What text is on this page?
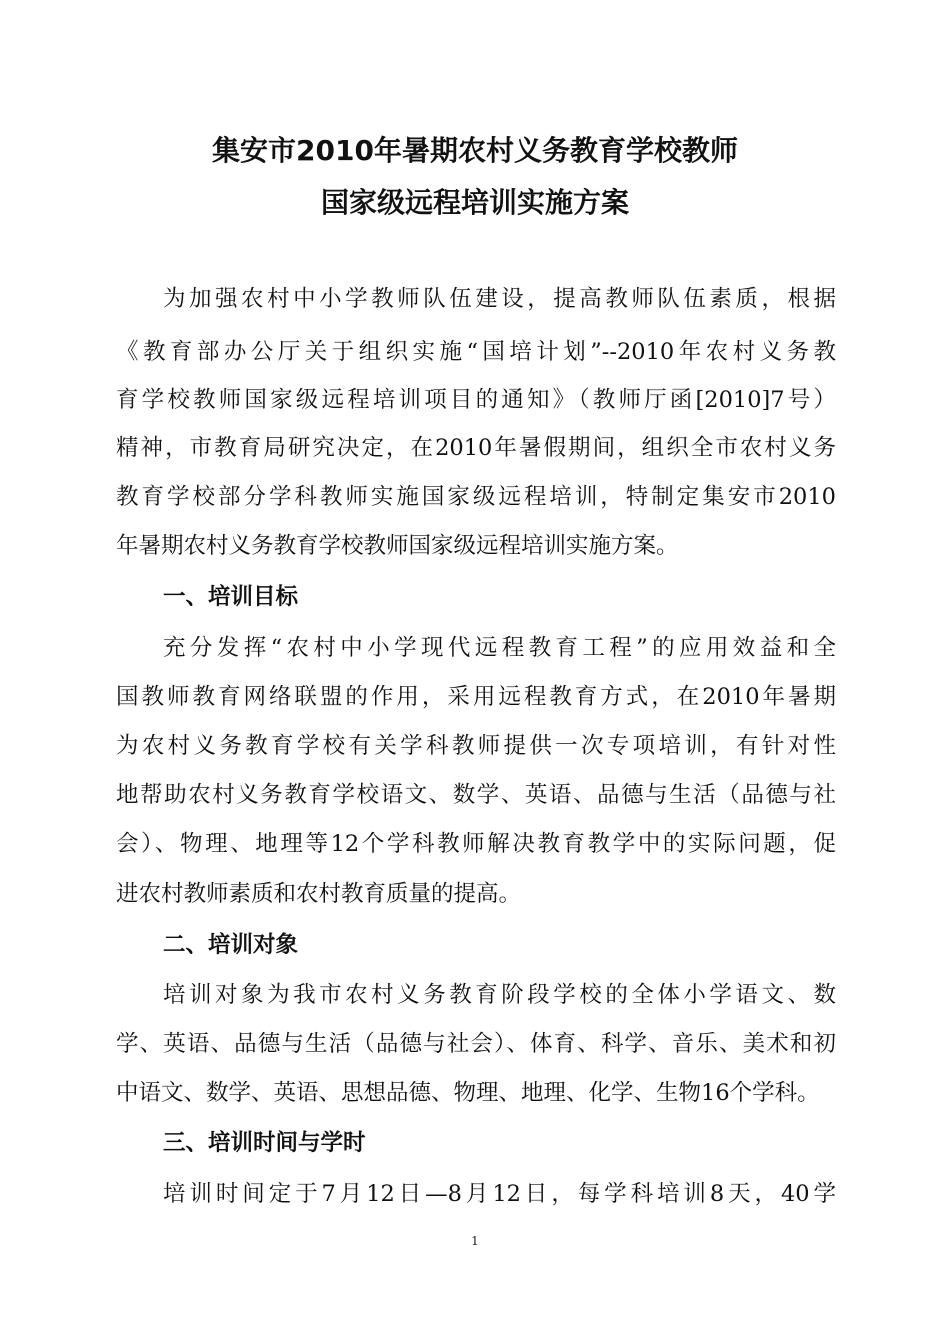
集安市2010年暑期农村义务教育学校教师
国家级远程培训实施方案
为加强农村中小学教师队伍建设，提高教师队伍素质，根据
《教育部办公厅关于组织实施“国培计划”--2010年农村义务教
育学校教师国家级远程培训项目的通知》（教师厅函[2010]7号）
精神，市教育局研究决定，在2010年暑假期间，组织全市农村义务
教育学校部分学科教师实施国家级远程培训，特制定集安市2010
年暑期农村义务教育学校教师国家级远程培训实施方案。
一、培训目标
充分发挥“农村中小学现代远程教育工程”的应用效益和全
国教师教育网络联盟的作用，采用远程教育方式，在2010年暑期
为农村义务教育学校有关学科教师提供一次专项培训，有针对性
地帮助农村义务教育学校语文、数学、英语、品德与生活（品德与社
会）、物理、地理等12个学科教师解决教育教学中的实际问题，促
进农村教师素质和农村教育质量的提高。
二、培训对象
培训对象为我市农村义务教育阶段学校的全体小学语文、数
学、英语、品德与生活（品德与社会）、体育、科学、音乐、美术和初
中语文、数学、英语、思想品德、物理、地理、化学、生物16个学科。
三、培训时间与学时
培训时间定于7月12日—8月12日，每学科培训8天，40学
1
